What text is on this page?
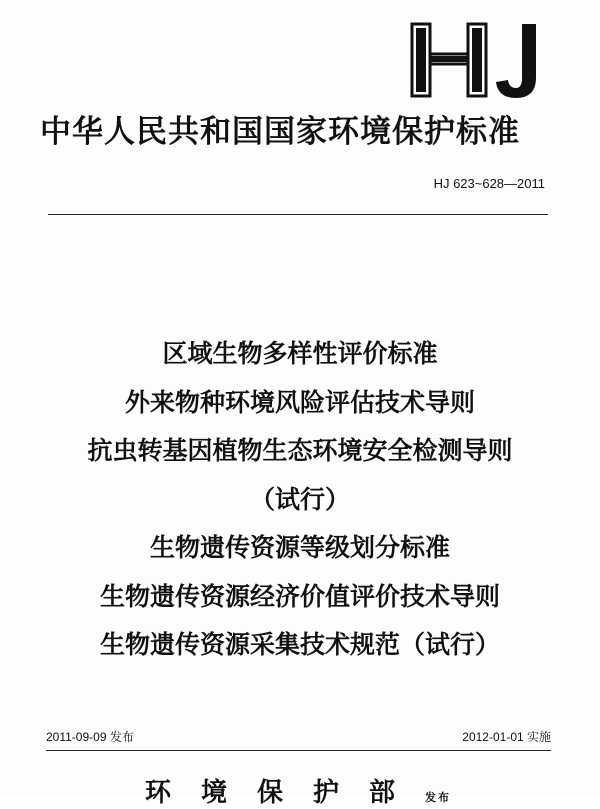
HJ
中华人民共和国国家环境保护标准
HJ 623~628—2011
区域生物多样性评价标准
外来物种环境风险评估技术导则
抗虫转基因植物生态环境安全检测导则
（试行）
生物遗传资源等级划分标准
生物遗传资源经济价值评价技术导则
生物遗传资源采集技术规范（试行）
2011-09-09 发布	2012-01-01 实施
环境保护部发布
